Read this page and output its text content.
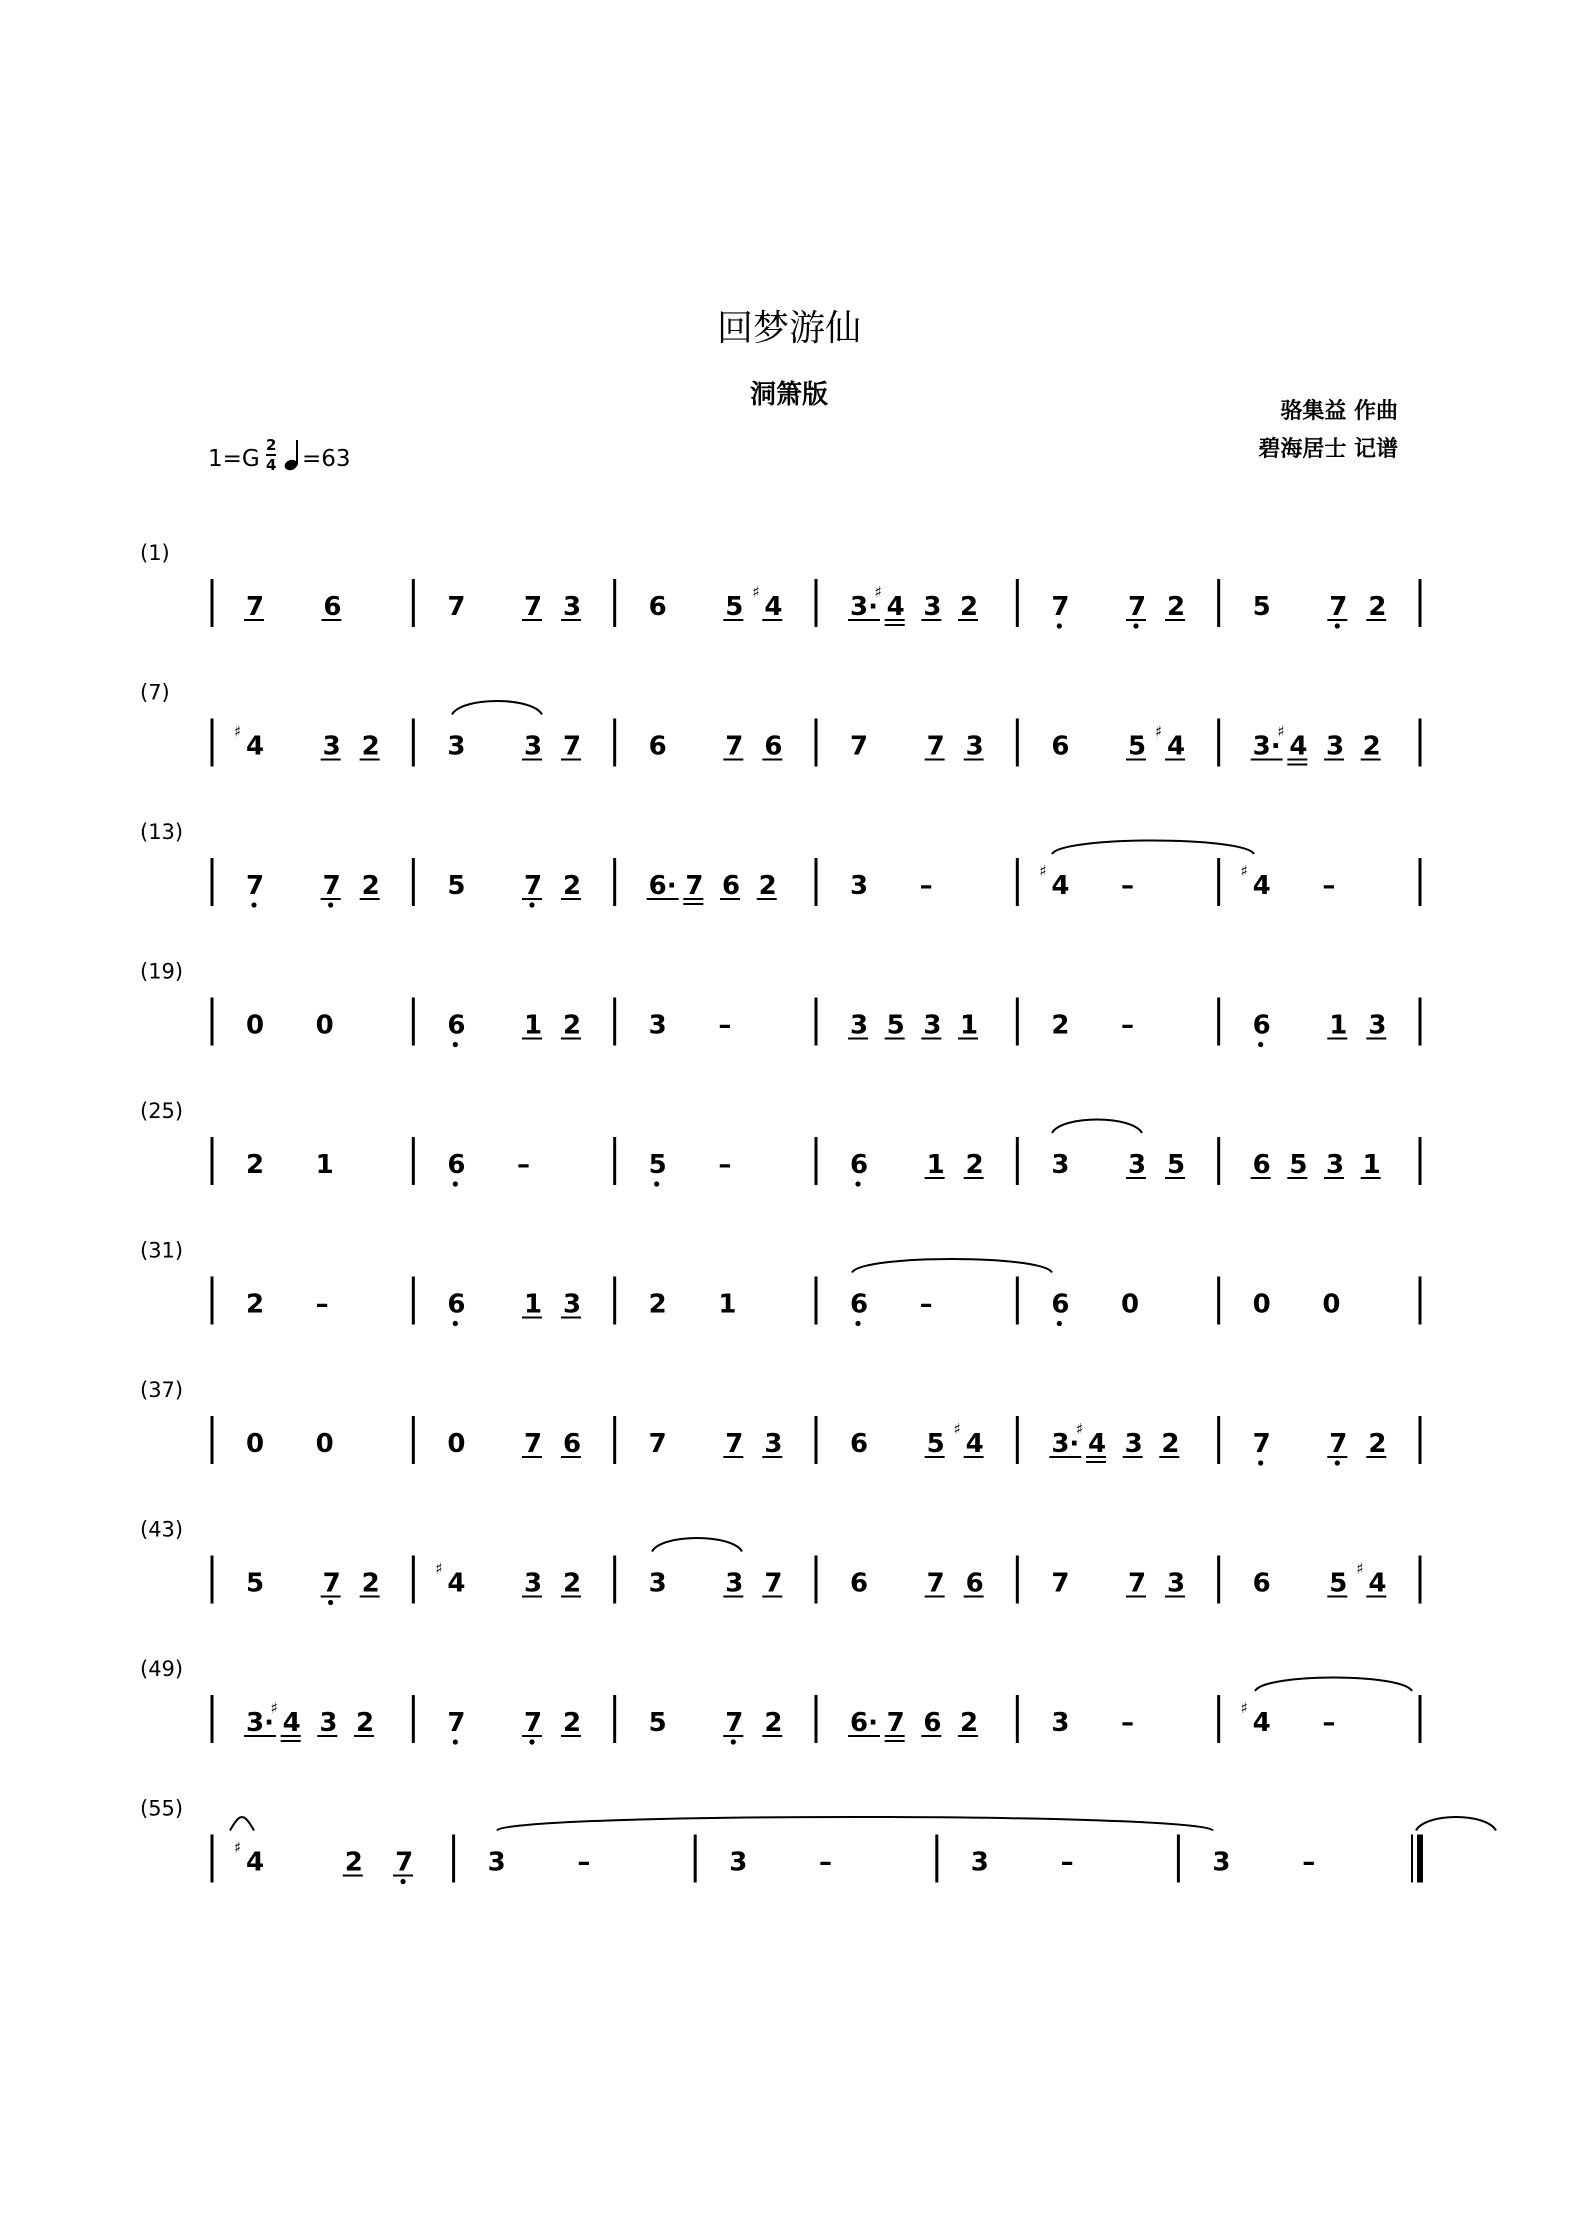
回梦游仙
洞箫版
骆集益 作曲
碧海居士 记谱
1=G
2
4 =63
(1)
7 6	7 7 3	6 5 4
♯	3· 4
♯ 3 2	7 7 2	5 7 2
(7)
4
♯	3 2	3 3 7	6 7 6	7 7 3	6 5 4
♯	3· 4
♯ 3 2
(13)
7 7 2	5 7 2	6· 7 6 2	3 –	4
♯	–	4
♯	–
(19)
0 0	6 1 2	3 –	3 5 3 1	2 –	6 1 3
(25)
2 1	6 –	5 –	6 1 2	3 3 5	6 5 3 1
(31)
2 –	6 1 3	2 1	6 –	6 0	0 0
(37)
0 0	0 7 6	7 7 3	6 5 4
♯	3· 4
♯ 3 2	7 7 2
(43)
5 7 2	4
♯	3 2	3 3 7	6 7 6	7 7 3	6 5 4
♯
(49)
3· 4
♯ 3 2	7 7 2	5 7 2	6· 7 6 2	3 –	4
♯	–
(55)
4
♯	2 7	3	–	3	–	3	–	3	–
